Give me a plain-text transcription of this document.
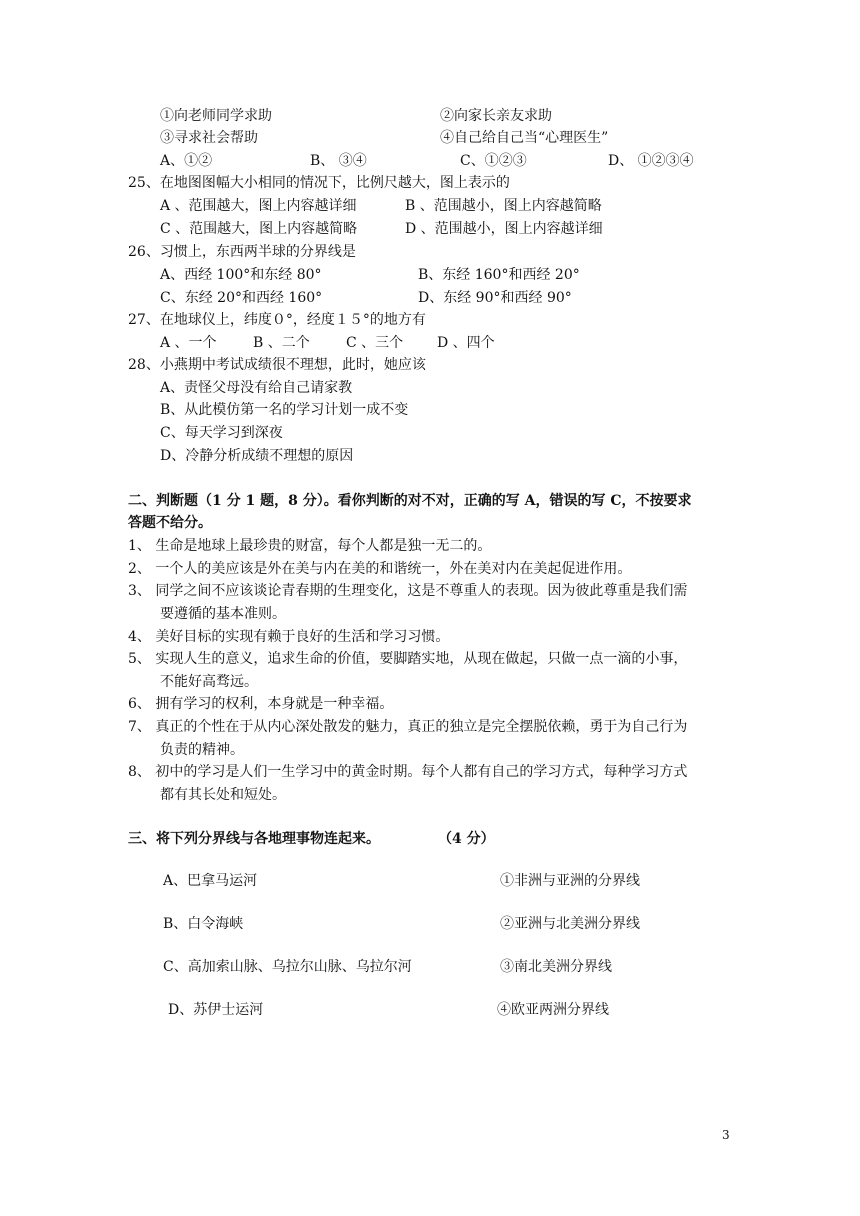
①向老师同学求助	②向家长亲友求助
③寻求社会帮助	④自己给自己当“心理医生”
A、①②	B、 ③④	C、①②③	D、 ①②③④
25、在地图图幅大小相同的情况下，比例尺越大，图上表示的
A 、范围越大，图上内容越详细	B 、范围越小，图上内容越简略
C 、范围越大，图上内容越简略	D 、范围越小，图上内容越详细
26、习惯上，东西两半球的分界线是
A、西经 100°和东经 80°	B、东经 160°和西经 20°
C、东经 20°和西经 160°	D、东经 90°和西经 90°
27、在地球仪上，纬度０°，经度１５°的地方有
A 、一个	B 、二个	C 、三个 D 、四个
28、小燕期中考试成绩很不理想，此时，她应该
A、责怪父母没有给自己请家教
B、从此模仿第一名的学习计划一成不变
C、每天学习到深夜
D、冷静分析成绩不理想的原因
二、判断题（1 分 1 题，8 分）。看你判断的对不对，正确的写 A，错误的写 C，不按要求
答题不给分。
1、 生命是地球上最珍贵的财富，每个人都是独一无二的。
2、 一个人的美应该是外在美与内在美的和谐统一，外在美对内在美起促进作用。
3、 同学之间不应该谈论青春期的生理变化，这是不尊重人的表现。因为彼此尊重是我们需
要遵循的基本准则。
4、 美好目标的实现有赖于良好的生活和学习习惯。
5、 实现人生的意义，追求生命的价值，要脚踏实地，从现在做起，只做一点一滴的小事，
不能好高骛远。
6、 拥有学习的权利，本身就是一种幸福。
7、 真正的个性在于从内心深处散发的魅力，真正的独立是完全摆脱依赖，勇于为自己行为
负责的精神。
8、 初中的学习是人们一生学习中的黄金时期。每个人都有自己的学习方式，每种学习方式
都有其长处和短处。
三、将下列分界线与各地理事物连起来。	（4 分）
A、巴拿马运河	①非洲与亚洲的分界线
B、白令海峡	②亚洲与北美洲分界线
C、高加索山脉、乌拉尔山脉、乌拉尔河	③南北美洲分界线
D、苏伊士运河	④欧亚两洲分界线
3
